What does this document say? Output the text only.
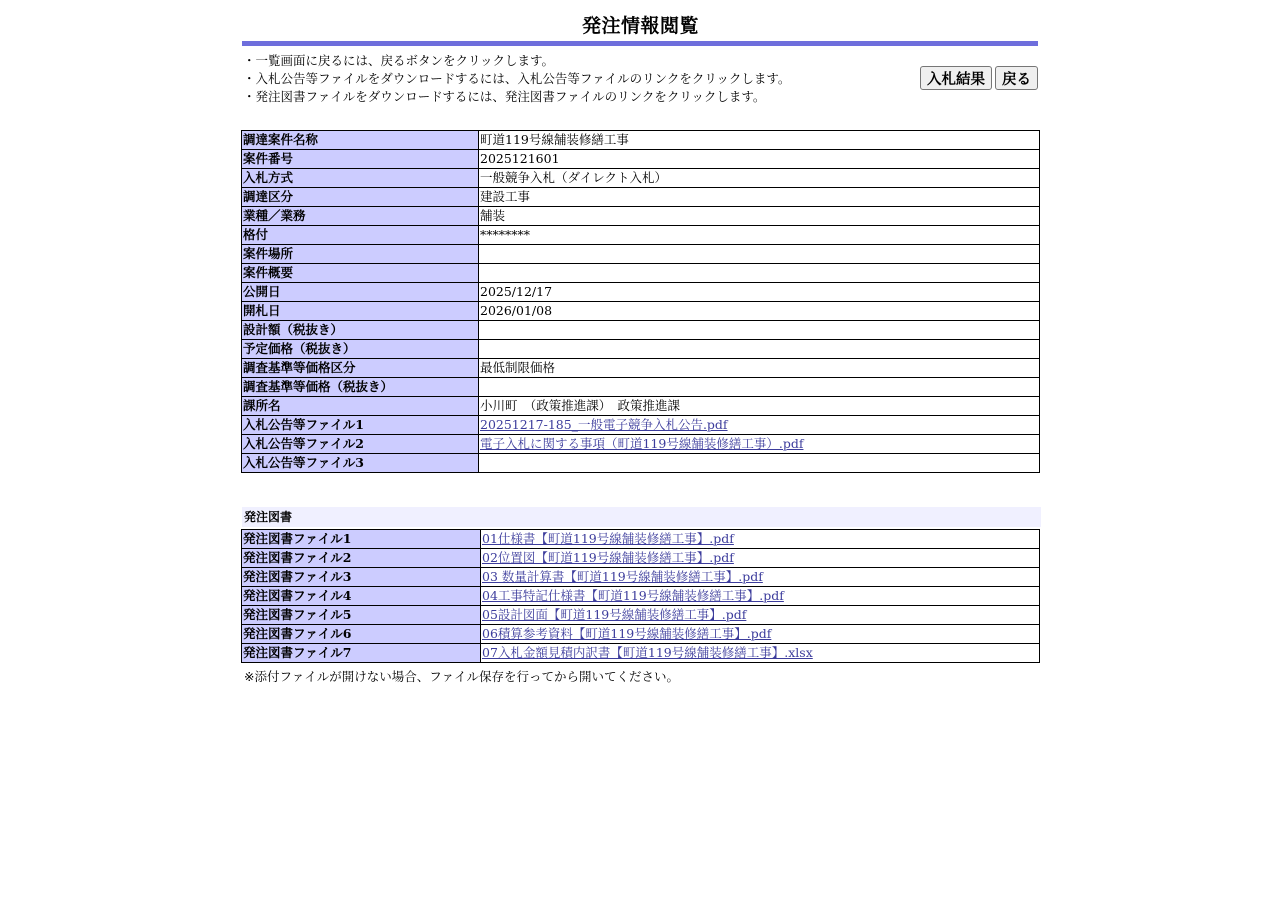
発注情報閲覧
・一覧画面に戻るには、戻るボタンをクリックします。
・入札公告等ファイルをダウンロードするには、入札公告等ファイルのリンクをクリックします。
・発注図書ファイルをダウンロードするには、発注図書ファイルのリンクをクリックします。
入札結果	戻る
調達案件名称	町道119号線舗装修繕工事
案件番号	2025121601
入札方式	一般競争入札（ダイレクト入札）
調達区分	建設工事
業種／業務	舗装
格付	********
案件場所	
案件概要	
公開日	2025/12/17
開札日	2026/01/08
設計額（税抜き）	
予定価格（税抜き）	
調査基準等価格区分	最低制限価格
調査基準等価格（税抜き）	
課所名	小川町　（政策推進課）　政策推進課
入札公告等ファイル1	20251217-185_一般電子競争入札公告.pdf
入札公告等ファイル2	電子入札に関する事項（町道119号線舗装修繕工事）.pdf
入札公告等ファイル3	
発注図書
発注図書ファイル1	01仕様書【町道119号線舗装修繕工事】.pdf
発注図書ファイル2	02位置図【町道119号線舗装修繕工事】.pdf
発注図書ファイル3	03 数量計算書【町道119号線舗装修繕工事】.pdf
発注図書ファイル4	04工事特記仕様書【町道119号線舗装修繕工事】.pdf
発注図書ファイル5	05設計図面【町道119号線舗装修繕工事】.pdf
発注図書ファイル6	06積算参考資料【町道119号線舗装修繕工事】.pdf
発注図書ファイル7	07入札金額見積内訳書【町道119号線舗装修繕工事】.xlsx
※添付ファイルが開けない場合、ファイル保存を行ってから開いてください。
